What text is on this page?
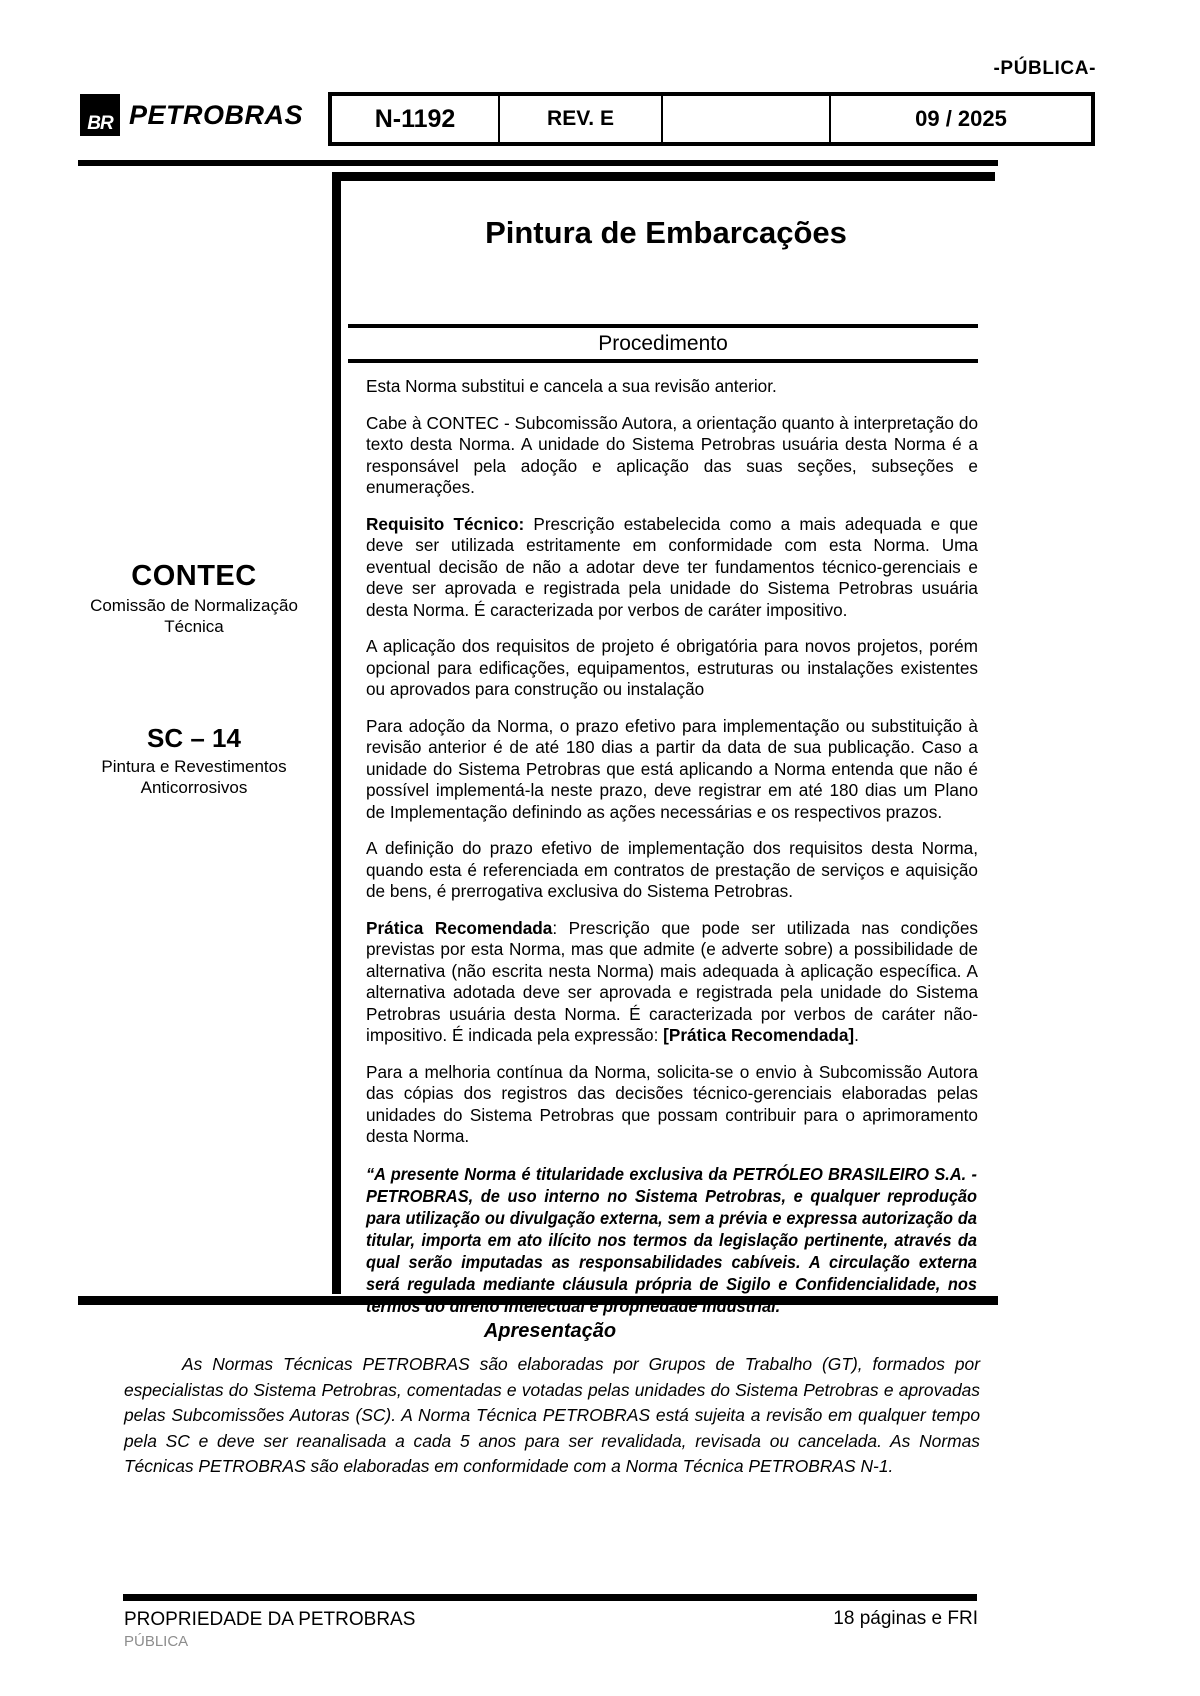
-PÚBLICA-
BR PETROBRAS	N-1192	REV. E	09 / 2025
Pintura de Embarcações
Procedimento
CONTEC
Comissão de Normalização Técnica
SC – 14
Pintura e Revestimentos Anticorrosivos

Esta Norma substitui e cancela a sua revisão anterior.

Cabe à CONTEC - Subcomissão Autora, a orientação quanto à interpretação do texto desta Norma. A unidade do Sistema Petrobras usuária desta Norma é a responsável pela adoção e aplicação das suas seções, subseções e enumerações.

Requisito Técnico: Prescrição estabelecida como a mais adequada e que deve ser utilizada estritamente em conformidade com esta Norma. Uma eventual decisão de não a adotar deve ter fundamentos técnico-gerenciais e deve ser aprovada e registrada pela unidade do Sistema Petrobras usuária desta Norma. É caracterizada por verbos de caráter impositivo.

A aplicação dos requisitos de projeto é obrigatória para novos projetos, porém opcional para edificações, equipamentos, estruturas ou instalações existentes ou aprovados para construção ou instalação

Para adoção da Norma, o prazo efetivo para implementação ou substituição à revisão anterior é de até 180 dias a partir da data de sua publicação. Caso a unidade do Sistema Petrobras que está aplicando a Norma entenda que não é possível implementá-la neste prazo, deve registrar em até 180 dias um Plano de Implementação definindo as ações necessárias e os respectivos prazos.

A definição do prazo efetivo de implementação dos requisitos desta Norma, quando esta é referenciada em contratos de prestação de serviços e aquisição de bens, é prerrogativa exclusiva do Sistema Petrobras.

Prática Recomendada: Prescrição que pode ser utilizada nas condições previstas por esta Norma, mas que admite (e adverte sobre) a possibilidade de alternativa (não escrita nesta Norma) mais adequada à aplicação específica. A alternativa adotada deve ser aprovada e registrada pela unidade do Sistema Petrobras usuária desta Norma. É caracterizada por verbos de caráter não-impositivo. É indicada pela expressão: [Prática Recomendada].

Para a melhoria contínua da Norma, solicita-se o envio à Subcomissão Autora das cópias dos registros das decisões técnico-gerenciais elaboradas pelas unidades do Sistema Petrobras que possam contribuir para o aprimoramento desta Norma.

“A presente Norma é titularidade exclusiva da PETRÓLEO BRASILEIRO S.A. - PETROBRAS, de uso interno no Sistema Petrobras, e qualquer reprodução para utilização ou divulgação externa, sem a prévia e expressa autorização da titular, importa em ato ilícito nos termos da legislação pertinente, através da qual serão imputadas as responsabilidades cabíveis. A circulação externa será regulada mediante cláusula própria de Sigilo e Confidencialidade, nos termos do direito intelectual e propriedade industrial.”
Apresentação
As Normas Técnicas PETROBRAS são elaboradas por Grupos de Trabalho (GT), formados por especialistas do Sistema Petrobras, comentadas e votadas pelas unidades do Sistema Petrobras e aprovadas pelas Subcomissões Autoras (SC). A Norma Técnica PETROBRAS está sujeita a revisão em qualquer tempo pela SC e deve ser reanalisada a cada 5 anos para ser revalidada, revisada ou cancelada. As Normas Técnicas PETROBRAS são elaboradas em conformidade com a Norma Técnica PETROBRAS N-1.
PROPRIEDADE DA PETROBRAS
PÚBLICA
18 páginas e FRI
